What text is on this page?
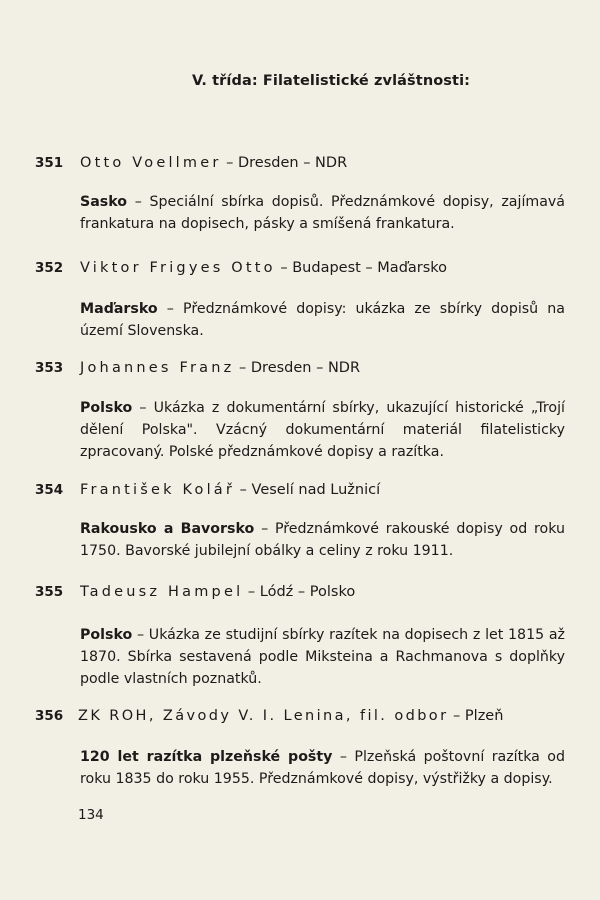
V. třída: Filatelistické zvláštnosti:
351 Otto Voellmer – Dresden – NDR
Sasko – Speciální sbírka dopisů. Předznámkové dopisy, zajímavá frankatura na dopisech, pásky a smíšená frankatura.
352 Viktor Frigyes Otto – Budapest – Maďarsko
Maďarsko – Předznámkové dopisy: ukázka ze sbírky dopisů na území Slovenska.
353 Johannes Franz – Dresden – NDR
Polsko – Ukázka z dokumentární sbírky, ukazující historické „Trojí dělení Polska". Vzácný dokumentární materiál filatelisticky zpracovaný. Polské předznámkové dopisy a razítka.
354 František Kolář – Veselí nad Lužnicí
Rakousko a Bavorsko – Předznámkové rakouské dopisy od roku 1750. Bavorské jubilejní obálky a celiny z roku 1911.
355 Tadeusz Hampel – Lódź – Polsko
Polsko – Ukázka ze studijní sbírky razítek na dopisech z let 1815 až 1870. Sbírka sestavená podle Miksteina a Rachmanova s doplňky podle vlastních poznatků.
356 ZK ROH, Závody V. I. Lenina, fil. odbor – Plzeň
120 let razítka plzeňské pošty – Plzeňská poštovní razítka od roku 1835 do roku 1955. Předznámkové dopisy, výstřižky a dopisy.
134
